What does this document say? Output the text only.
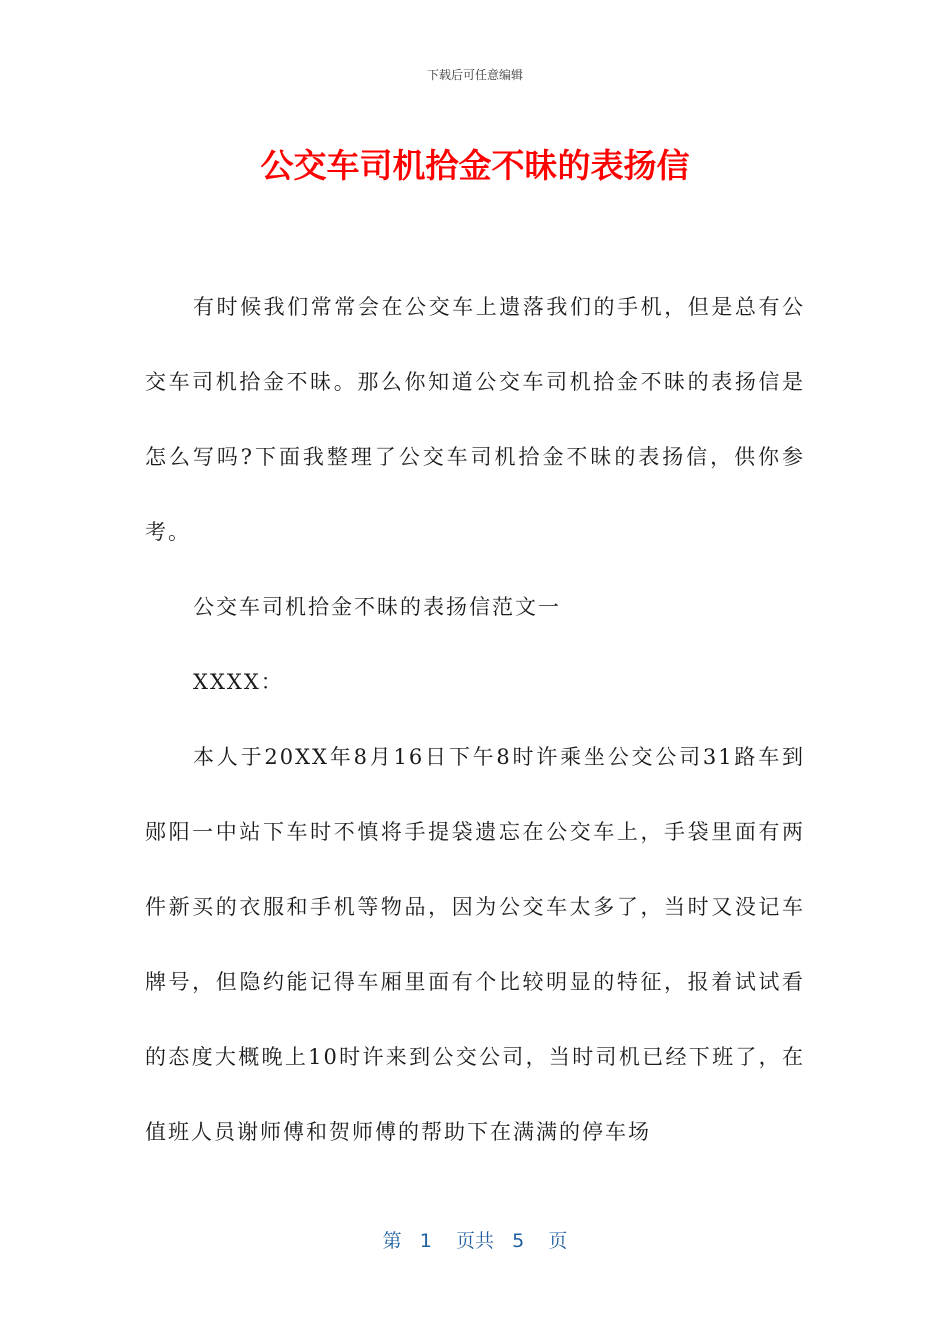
下载后可任意编辑
公交车司机拾金不昧的表扬信

有时候我们常常会在公交车上遗落我们的手机，但是总有公交车司机拾金不昧。那么你知道公交车司机拾金不昧的表扬信是怎么写吗?下面我整理了公交车司机拾金不昧的表扬信，供你参考。

公交车司机拾金不昧的表扬信范文一

XXXX：

本人于20XX年8月16日下午8时许乘坐公交公司31路车到郧阳一中站下车时不慎将手提袋遗忘在公交车上，手袋里面有两件新买的衣服和手机等物品，因为公交车太多了，当时又没记车牌号，但隐约能记得车厢里面有个比较明显的特征，报着试试看的态度大概晚上10时许来到公交公司，当时司机已经下班了，在值班人员谢师傅和贺师傅的帮助下在满满的停车场

第 1 页共 5 页
